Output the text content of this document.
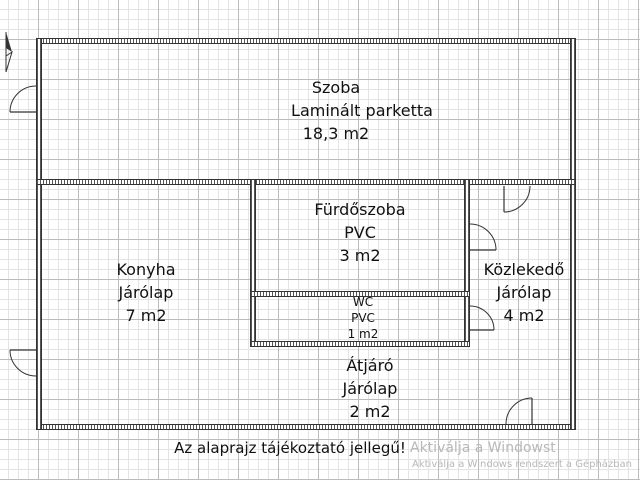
Szoba
Laminált parketta
18,3 m2
Fürdőszoba
PVC
3 m2
Konyha
Járólap
7 m2
Közlekedő
Járólap
4 m2
WC
PVC
1 m2
Átjáró
Járólap
2 m2
Az alaprajz tájékoztató jellegű! Aktiválja a Windowst
Aktiválja a Windows rendszert a Gépházban
